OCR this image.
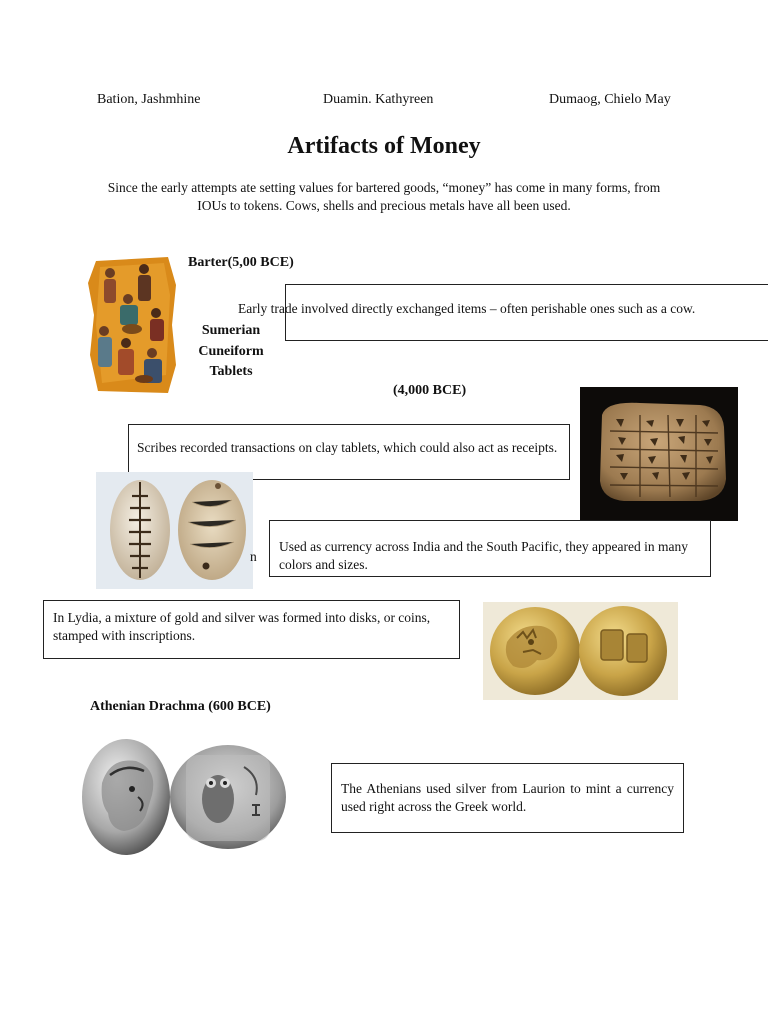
Bation, Jashmhine	Duamin. Kathyreen	Dumaog, Chielo May
Artifacts of Money
Since the early attempts ate setting values for bartered goods, “money” has come in many forms, from IOUs to tokens. Cows, shells and precious metals have all been used.
Barter(5,00 BCE)
Early trade involved directly exchanged items – often perishable ones such as a cow.
Sumerian
Cuneiform
Tablets
(4,000 BCE)
Scribes recorded transactions on clay tablets, which could also act as receipts.
n
Used as currency across India and the South Pacific, they appeared in many colors and sizes.
In Lydia, a mixture of gold and silver was formed into disks, or coins, stamped with inscriptions.
Athenian Drachma (600 BCE)
The Athenians used silver from Laurion to mint a currency used right across the Greek world.
